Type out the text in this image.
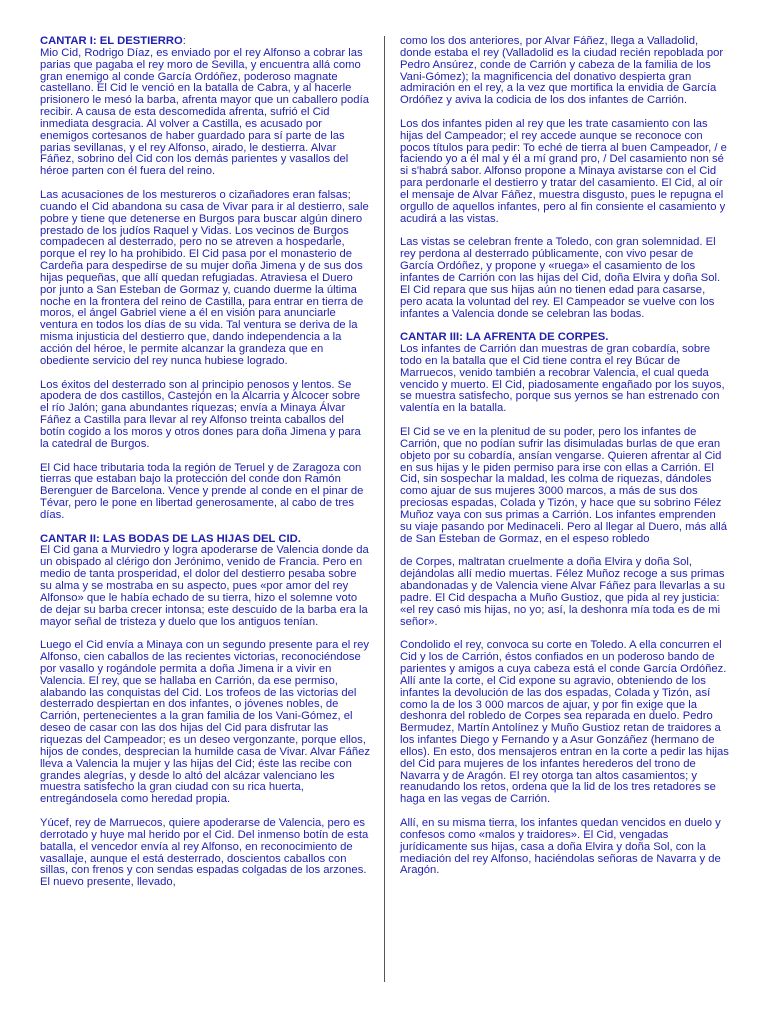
CANTAR I: EL DESTIERRO:
Mio Cid, Rodrigo Díaz, es enviado por el rey Alfonso a cobrar las parias que pagaba el rey moro de Sevilla, y encuentra allá como gran enemigo al conde García Ordóñez, poderoso magnate castellano. El Cid le venció en la batalla de Cabra, y al hacerle prisionero le mesó la barba, afrenta mayor que un caballero podía recibir. A causa de esta descomedida afrenta, sufrió el Cid inmediata desgracia. Al volver a Castilla, es acusado por enemigos cortesanos de haber guardado para sí parte de las parias sevillanas, y el rey Alfonso, airado, le destierra. Alvar Fáñez, sobrino del Cid con los demás parientes y vasallos del héroe parten con él fuera del reino.

Las acusaciones de los mestureros o cizañadores eran falsas; cuando el Cid abandona su casa de Vivar para ir al destierro, sale pobre y tiene que detenerse en Burgos para buscar algún dinero prestado de los judíos Raquel y Vidas. Los vecinos de Burgos compadecen al desterrado, pero no se atreven a hospedarle, porque el rey lo ha prohibido. El Cid pasa por el monasterio de Cardeña para despedirse de su mujer doña Jimena y de sus dos hijas pequeñas, que allí quedan refugiadas. Atraviesa el Duero por junto a San Esteban de Gormaz y, cuando duerme la última noche en la frontera del reino de Castilla, para entrar en tierra de moros, el ángel Gabriel viene a él en visión para anunciarle ventura en todos los días de su vida. Tal ventura se deriva de la misma injusticia del destierro que, dando independencia a la acción del héroe, le permite alcanzar la grandeza que en obediente servicio del rey nunca hubiese logrado.

Los éxitos del desterrado son al principio penosos y lentos. Se apodera de dos castillos, Castejón en la Alcarria y Alcocer sobre el río Jalón; gana abundantes riquezas; envía a Minaya Álvar Fáñez a Castilla para llevar al rey Alfonso treinta caballos del botín cogido a los moros y otros dones para doña Jimena y para la catedral de Burgos.

El Cid hace tributaria toda la región de Teruel y de Zaragoza con tierras que estaban bajo la protección del conde don Ramón Berenguer de Barcelona. Vence y prende al conde en el pinar de Tévar, pero le pone en libertad generosamente, al cabo de tres días.

CANTAR II: LAS BODAS DE LAS HIJAS DEL CID.
El Cid gana a Murviedro y logra apoderarse de Valencia donde da un obispado al clérigo don Jerónimo, venido de Francia. Pero en medio de tanta prosperidad, el dolor del destierro pesaba sobre su alma y se mostraba en su aspecto, pues «por amor del rey Alfonso» que le había echado de su tierra, hizo el solemne voto de dejar su barba crecer intonsa; este descuido de la barba era la mayor señal de tristeza y duelo que los antiguos tenían.

Luego el Cid envía a Minaya con un segundo presente para el rey Alfonso, cien caballos de las recientes victorias, reconociéndose por vasallo y rogándole permita a doña Jimena ir a vivir en Valencia. El rey, que se hallaba en Carrión, da ese permiso, alabando las conquistas del Cid. Los trofeos de las victorias del desterrado despiertan en dos infantes, o jóvenes nobles, de Carrión, pertenecientes a la gran familia de los Vani-Gómez, el deseo de casar con las dos hijas del Cid para disfrutar las riquezas del Campeador; es un deseo vergonzante, porque ellos, hijos de condes, desprecian la humilde casa de Vivar. Alvar Fáñez lleva a Valencia la mujer y las hijas del Cid; éste las recibe con grandes alegrías, y desde lo altó del alcázar valenciano les muestra satisfecho la gran ciudad con su rica huerta, entregándosela como heredad propia.

Yúcef, rey de Marruecos, quiere apoderarse de Valencia, pero es derrotado y huye mal herido por el Cid. Del inmenso botín de esta batalla, el vencedor envía al rey Alfonso, en reconocimiento de vasallaje, aunque el está desterrado, doscientos caballos con sillas, con frenos y con sendas espadas colgadas de los arzones. El nuevo presente, llevado,

como los dos anteriores, por Alvar Fáñez, llega a Valladolid, donde estaba el rey (Valladolid es la ciudad recién repoblada por Pedro Ansúrez, conde de Carrión y cabeza de la familia de los Vani-Gómez); la magnificencia del donativo despierta gran admiración en el rey, a la vez que mortifica la envidia de García Ordóñez y aviva la codicia de los dos infantes de Carrión.

Los dos infantes piden al rey que les trate casamiento con las hijas del Campeador; el rey accede aunque se reconoce con pocos títulos para pedir: To eché de tierra al buen Campeador, / e faciendo yo a él mal y él a mí grand pro, / Del casamiento non sé si s'habrá sabor. Alfonso propone a Minaya avistarse con el Cid para perdonarle el destierro y tratar del casamiento. El Cid, al oír el mensaje de Alvar Fáñez, muestra disgusto, pues le repugna el orgullo de aquellos infantes, pero al fin consiente el casamiento y acudirá a las vistas.

Las vistas se celebran frente a Toledo, con gran solemnidad. El rey perdona al desterrado públicamente, con vivo pesar de García Ordóñez, y propone y «ruega» el casamiento de los infantes de Carrión con las hijas del Cid, doña Elvira y doña Sol. El Cid repara que sus hijas aún no tienen edad para casarse, pero acata la voluntad del rey. El Campeador se vuelve con los infantes a Valencia donde se celebran las bodas.

CANTAR III: LA AFRENTA DE CORPES.
Los infantes de Carrión dan muestras de gran cobardía, sobre todo en la batalla que el Cid tiene contra el rey Búcar de Marruecos, venido también a recobrar Valencia, el cual queda vencido y muerto. El Cid, piadosamente engañado por los suyos, se muestra satisfecho, porque sus yernos se han estrenado con valentía en la batalla.

El Cid se ve en la plenitud de su poder, pero los infantes de Carrión, que no podían sufrir las disimuladas burlas de que eran objeto por su cobardía, ansían vengarse. Quieren afrentar al Cid en sus hijas y le piden permiso para irse con ellas a Carrión. El Cid, sin sospechar la maldad, les colma de riquezas, dándoles como ajuar de sus mujeres 3000 marcos, a más de sus dos preciosas espadas, Colada y Tizón, y hace que su sobrino Félez Muñoz vaya con sus primas a Carrión. Los infantes emprenden su viaje pasando por Medinaceli. Pero al llegar al Duero, más allá de San Esteban de Gormaz, en el espeso robledo

de Corpes, maltratan cruelmente a doña Elvira y doña Sol, dejándolas allí medio muertas. Félez Muñoz recoge a sus primas abandonadas y de Valencia viene Alvar Fáñez para llevarlas a su padre. El Cid despacha a Muño Gustioz, que pida al rey justicia: «el rey casó mis hijas, no yo; así, la deshonra mía toda es de mi señor».

Condolido el rey, convoca su corte en Toledo. A ella concurren el Cid y los de Carrión, éstos confiados en un poderoso bando de parientes y amigos a cuya cabeza está el conde García Ordóñez. Allí ante la corte, el Cid expone su agravio, obteniendo de los infantes la devolución de las dos espadas, Colada y Tizón, así como la de los 3 000 marcos de ajuar, y por fin exige que la deshonra del robledo de Corpes sea reparada en duelo. Pedro Bermudez, Martín Antolínez y Muño Gustioz retan de traidores a los infantes Diego y Fernando y a Asur Gonzáñez (hermano de ellos). En esto, dos mensajeros entran en la corte a pedir las hijas del Cid para mujeres de los infantes herederos del trono de Navarra y de Aragón. El rey otorga tan altos casamientos; y reanudando los retos, ordena que la lid de los tres retadores se haga en las vegas de Carrión.

Allí, en su misma tierra, los infantes quedan vencidos en duelo y confesos como «malos y traidores». El Cid, vengadas jurídicamente sus hijas, casa a doña Elvira y doña Sol, con la mediación del rey Alfonso, haciéndolas señoras de Navarra y de Aragón.
